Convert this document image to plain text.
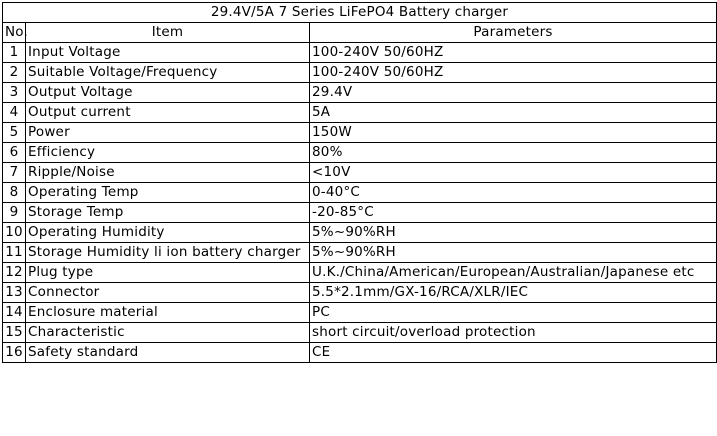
29.4V/5A 7 Series LiFePO4 Battery charger		
No.	Item	Parameters
1	Input Voltage	100-240V 50/60HZ
2	Suitable Voltage/Frequency	100-240V 50/60HZ
3	Output Voltage	29.4V
4	Output current	5A
5	Power	150W
6	Efficiency	80%
7	Ripple/Noise	<10V
8	Operating Temp	0-40°C
9	Storage Temp	-20-85°C
10	Operating Humidity	5%~90%RH
11	Storage Humidity li ion battery charger	5%~90%RH
12	Plug type	U.K./China/American/European/Australian/Japanese etc
13	Connector	5.5*2.1mm/GX-16/RCA/XLR/IEC
14	Enclosure material	PC
15	Characteristic	short circuit/overload protection
16	Safety standard	CE
